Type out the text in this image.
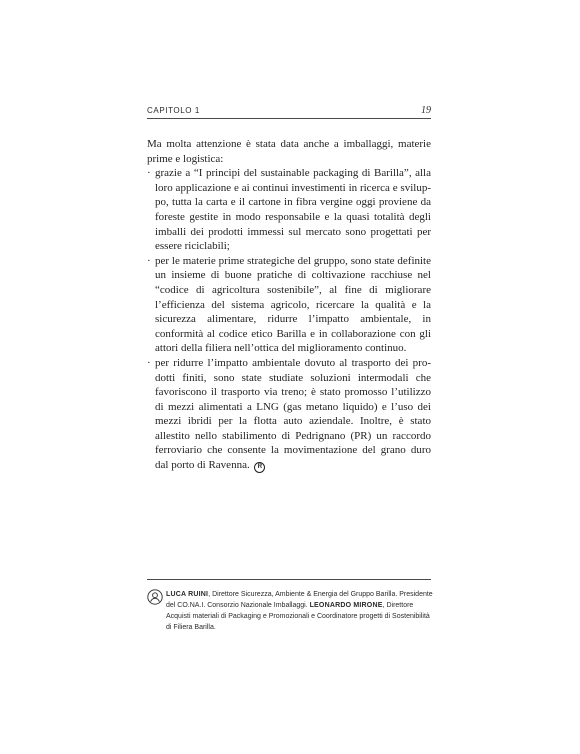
CAPITOLO 1	19

Ma molta attenzione è stata data anche a imballaggi, materie prime e logistica:

· grazie a “I principi del sustainable packaging di Barilla”, alla loro applicazione e ai continui investimenti in ricerca e sviluppo, tutta la carta e il cartone in fibra vergine oggi proviene da foreste gestite in modo responsabile e la quasi totalità degli imballi dei prodotti immessi sul mercato sono progettati per essere riciclabili;
· per le materie prime strategiche del gruppo, sono state definite un insieme di buone pratiche di coltivazione racchiuse nel “codice di agricoltura sostenibile”, al fine di migliorare l’efficienza del sistema agricolo, ricercare la qualità e la sicurezza alimentare, ridurre l’impatto ambientale, in conformità al codice etico Barilla e in collaborazione con gli attori della filiera nell’ottica del miglioramento continuo.
· per ridurre l’impatto ambientale dovuto al trasporto dei prodotti finiti, sono state studiate soluzioni intermodali che favoriscono il trasporto via treno; è stato promosso l’utilizzo di mezzi alimentati a LNG (gas metano liquido) e l’uso dei mezzi ibridi per la flotta auto aziendale. Inoltre, è stato allestito nello stabilimento di Pedrignano (PR) un raccordo ferroviario che consente la movimentazione del grano duro dal porto di Ravenna. R
LUCA RUINI, Direttore Sicurezza, Ambiente & Energia del Gruppo Barilla. Presidente del CO.NA.I. Consorzio Nazionale Imballaggi. LEONARDO MIRONE, Direttore Acquisti materiali di Packaging e Promozionali e Coordinatore progetti di Sostenibilità di Filiera Barilla.
